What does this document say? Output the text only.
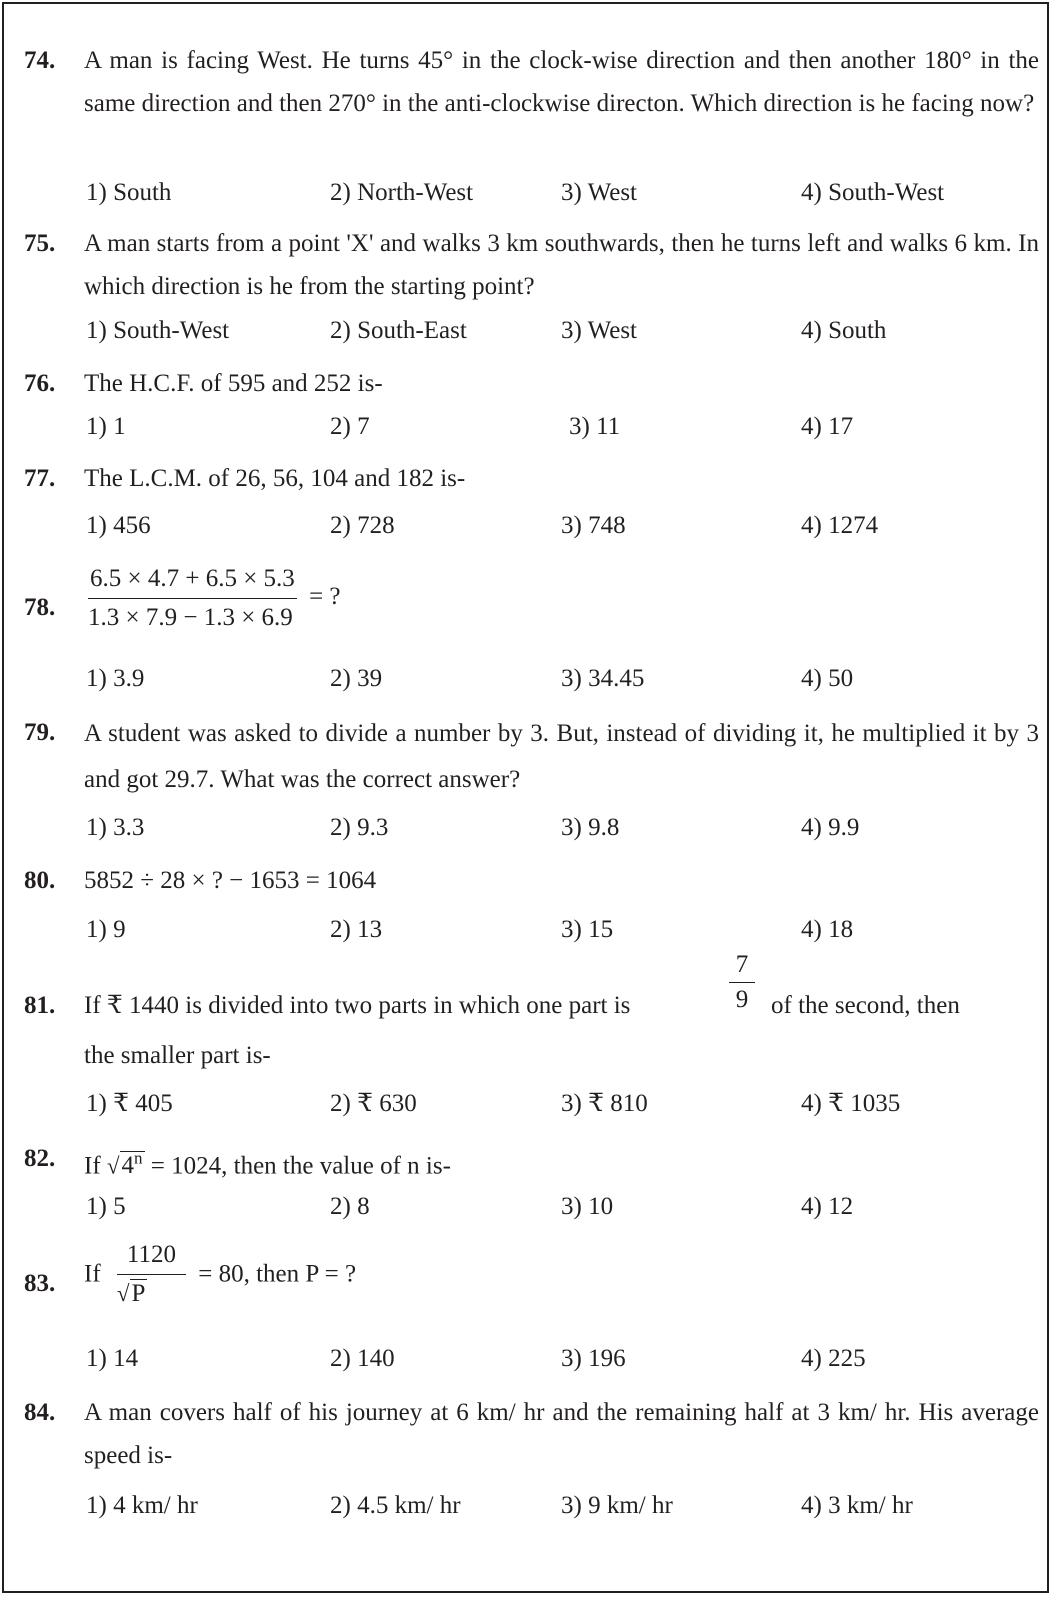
74. A man is facing West. He turns 45° in the clock-wise direction and then another 180° in the same direction and then 270° in the anti-clockwise directon. Which direction is he facing now?
1) South	2) North-West	3) West	4) South-West
75. A man starts from a point 'X' and walks 3 km southwards, then he turns left and walks 6 km. In which direction is he from the starting point?
1) South-West	2) South-East	3) West	4) South
76. The H.C.F. of 595 and 252 is-
1) 1	2) 7	3) 11	4) 17
77. The L.C.M. of 26, 56, 104 and 182 is-
1) 456	2) 728	3) 748	4) 1274
78. $\frac{6.5 \times 4.7 + 6.5 \times 5.3}{1.3 \times 7.9 - 1.3 \times 6.9}$ = ?
1) 3.9	2) 39	3) 34.45	4) 50
79. A student was asked to divide a number by 3. But, instead of dividing it, he multiplied it by 3 and got 29.7. What was the correct answer?
1) 3.3	2) 9.3	3) 9.8	4) 9.9
80. 5852 ÷ 28 × ? − 1653 = 1064
1) 9	2) 13	3) 15	4) 18
81. If ₹ 1440 is divided into two parts in which one part is	$\frac{7}{9}$ of the second, then
the smaller part is-
1) ₹ 405	2) ₹ 630	3) ₹ 810	4) ₹ 1035
82. If $√4^n = 1024$, then the value of n is-
1) 5	2) 8	3) 10	4) 12
83. If $\frac{1120}{√P} = 80$, then P = ?
1) 14	2) 140	3) 196	4) 225
84. A man covers half of his journey at 6 km/ hr and the remaining half at 3 km/ hr. His average speed is-
1) 4 km/ hr	2) 4.5 km/ hr	3) 9 km/ hr	4) 3 km/ hr
